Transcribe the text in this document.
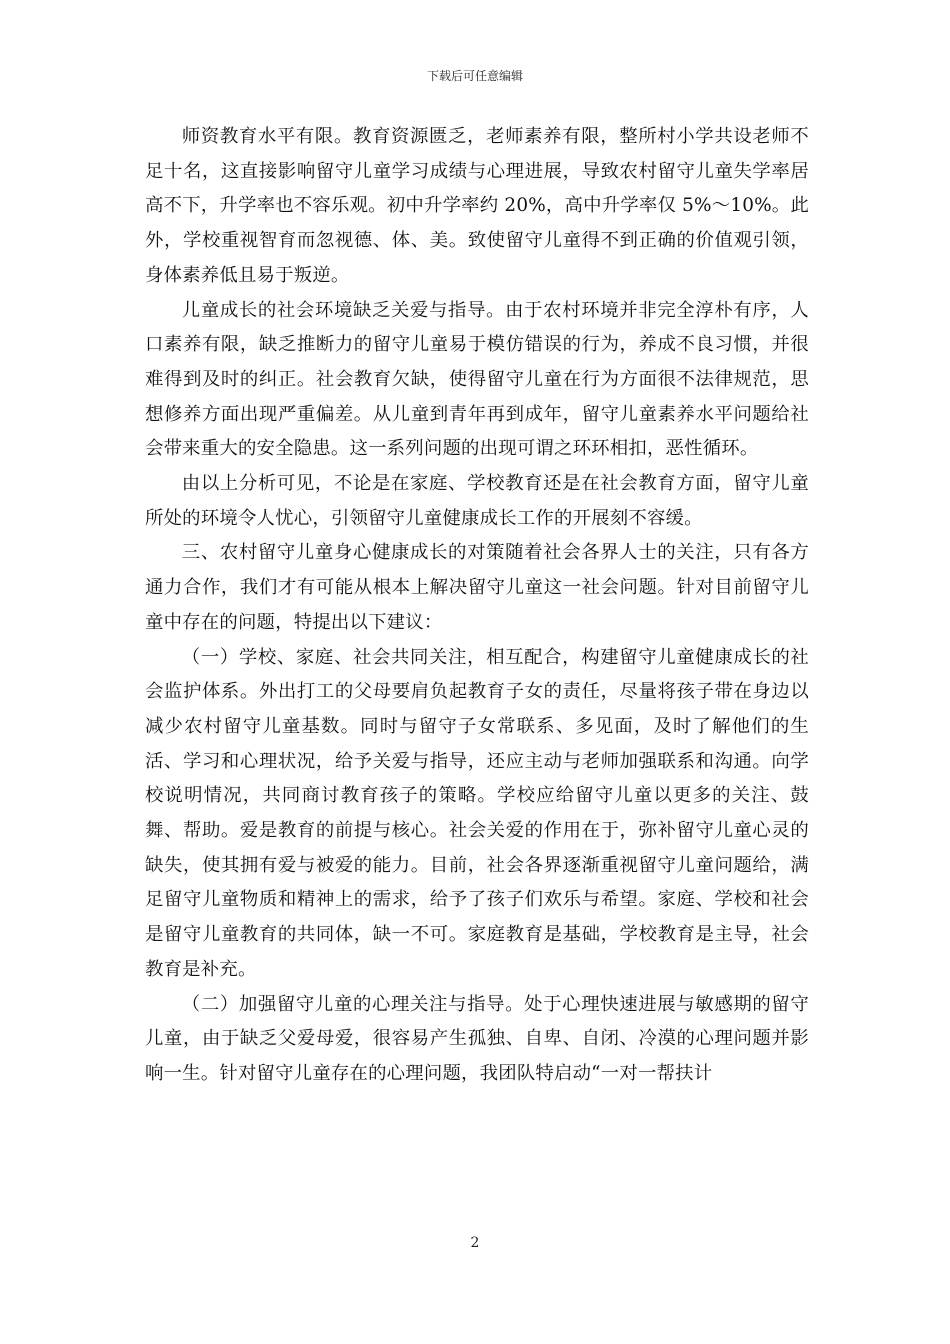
下载后可任意编辑

师资教育水平有限。教育资源匮乏，老师素养有限，整所村小学共设老师不足十名，这直接影响留守儿童学习成绩与心理进展，导致农村留守儿童失学率居高不下，升学率也不容乐观。初中升学率约 20%，高中升学率仅 5%～10%。此外，学校重视智育而忽视德、体、美。致使留守儿童得不到正确的价值观引领，身体素养低且易于叛逆。

儿童成长的社会环境缺乏关爱与指导。由于农村环境并非完全淳朴有序，人口素养有限，缺乏推断力的留守儿童易于模仿错误的行为，养成不良习惯，并很难得到及时的纠正。社会教育欠缺，使得留守儿童在行为方面很不法律规范，思想修养方面出现严重偏差。从儿童到青年再到成年，留守儿童素养水平问题给社会带来重大的安全隐患。这一系列问题的出现可谓之环环相扣，恶性循环。

由以上分析可见，不论是在家庭、学校教育还是在社会教育方面，留守儿童所处的环境令人忧心，引领留守儿童健康成长工作的开展刻不容缓。

三、农村留守儿童身心健康成长的对策随着社会各界人士的关注，只有各方通力合作，我们才有可能从根本上解决留守儿童这一社会问题。针对目前留守儿童中存在的问题，特提出以下建议：

（一）学校、家庭、社会共同关注，相互配合，构建留守儿童健康成长的社会监护体系。外出打工的父母要肩负起教育子女的责任，尽量将孩子带在身边以减少农村留守儿童基数。同时与留守子女常联系、多见面，及时了解他们的生活、学习和心理状况，给予关爱与指导，还应主动与老师加强联系和沟通。向学校说明情况，共同商讨教育孩子的策略。学校应给留守儿童以更多的关注、鼓舞、帮助。爱是教育的前提与核心。社会关爱的作用在于，弥补留守儿童心灵的缺失，使其拥有爱与被爱的能力。目前，社会各界逐渐重视留守儿童问题给，满足留守儿童物质和精神上的需求，给予了孩子们欢乐与希望。家庭、学校和社会是留守儿童教育的共同体，缺一不可。家庭教育是基础，学校教育是主导，社会教育是补充。

（二）加强留守儿童的心理关注与指导。处于心理快速进展与敏感期的留守儿童，由于缺乏父爱母爱，很容易产生孤独、自卑、自闭、冷漠的心理问题并影响一生。针对留守儿童存在的心理问题，我团队特启动“一对一帮扶计

2
